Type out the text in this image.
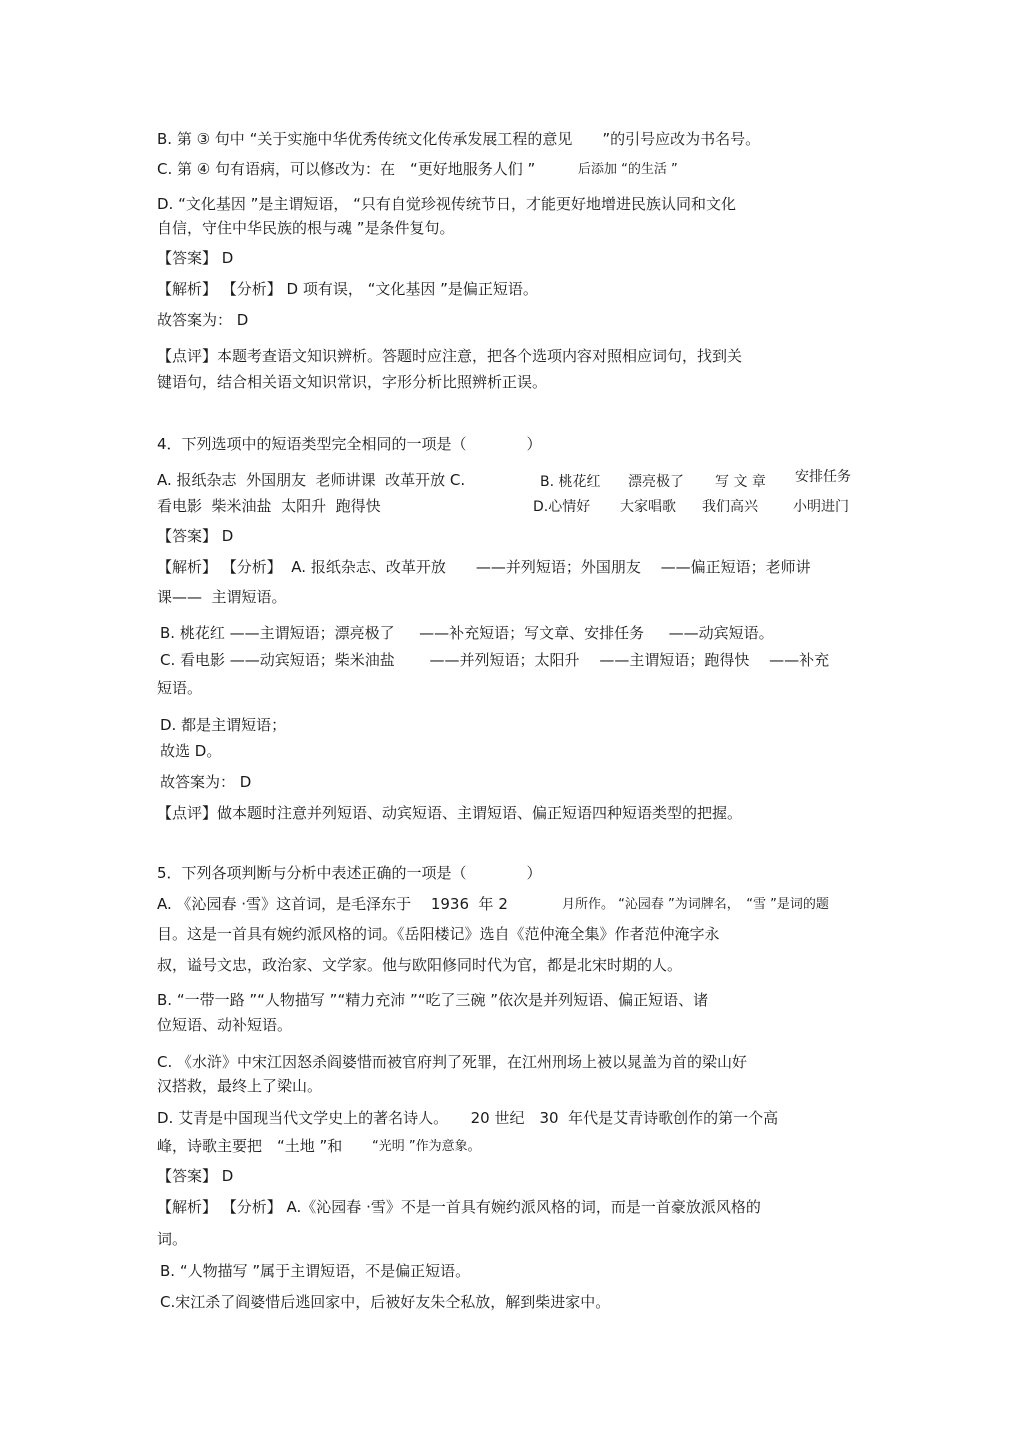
B. 第 ③ 句中 “关于实施中华优秀传统文化传承发展工程的意见　　”的引号应改为书名号。
C. 第 ④ 句有语病，可以修改为：在　“更好地服务人们 ”	后添加 “的生活 ”
D. “文化基因 ”是主谓短语， “只有自觉珍视传统节日，才能更好地增进民族认同和文化
自信，守住中华民族的根与魂 ”是条件复句。
【答案】 D
【解析】 【分析】 D 项有误， “文化基因 ”是偏正短语。
故答案为： D
【点评】本题考查语文知识辨析。答题时应注意，把各个选项内容对照相应词句，找到关
键语句，结合相关语文知识常识，字形分析比照辨析正误。
4．下列选项中的短语类型完全相同的一项是（　　　　）
A. 报纸杂志  外国朋友  老师讲课  改革开放 C.
看电影  柴米油盐  太阳升  跑得快
B. 桃花红 漂亮极了 写 文 章 安排任务
D.心情好 大家唱歌 我们高兴	小明进门
【答案】 D
【解析】 【分析】  A. 报纸杂志、改革开放　　——并列短语；外国朋友　 ——偏正短语；老师讲
课——  主谓短语。
B. 桃花红 ——主谓短语；漂亮极了　  ——补充短语；写文章、安排任务　  ——动宾短语。
C. 看电影 ——动宾短语；柴米油盐　　 ——并列短语；太阳升　 ——主谓短语；跑得快　 ——补充
短语。
D. 都是主谓短语；
故选 D。
故答案为： D
【点评】做本题时注意并列短语、动宾短语、主谓短语、偏正短语四种短语类型的把握。
5．下列各项判断与分析中表述正确的一项是（　　　　）
A. 《沁园春 ·雪》这首词，是毛泽东于　 1936  年 2	月所作。 “沁园春 ”为词牌名，　“雪 ”是词的题
目。这是一首具有婉约派风格的词。《岳阳楼记》选自《范仲淹全集》作者范仲淹字永
叔，谥号文忠，政治家、文学家。他与欧阳修同时代为官，都是北宋时期的人。
B. “一带一路 ”“人物描写 ”“精力充沛 ”“吃了三碗 ”依次是并列短语、偏正短语、诸
位短语、动补短语。
C. 《水浒》中宋江因怒杀阎婆惜而被官府判了死罪，在江州刑场上被以晁盖为首的梁山好
汉搭救，最终上了梁山。
D. 艾青是中国现当代文学史上的著名诗人。　　20 世纪　30  年代是艾青诗歌创作的第一个高
峰，诗歌主要把　“土地 ”和 “光明 ”作为意象。
【答案】 D
【解析】 【分析】 A.《沁园春 ·雪》不是一首具有婉约派风格的词，而是一首豪放派风格的
词。
B. “人物描写 ”属于主谓短语，不是偏正短语。
C.宋江杀了阎婆惜后逃回家中，后被好友朱仝私放，解到柴进家中。
